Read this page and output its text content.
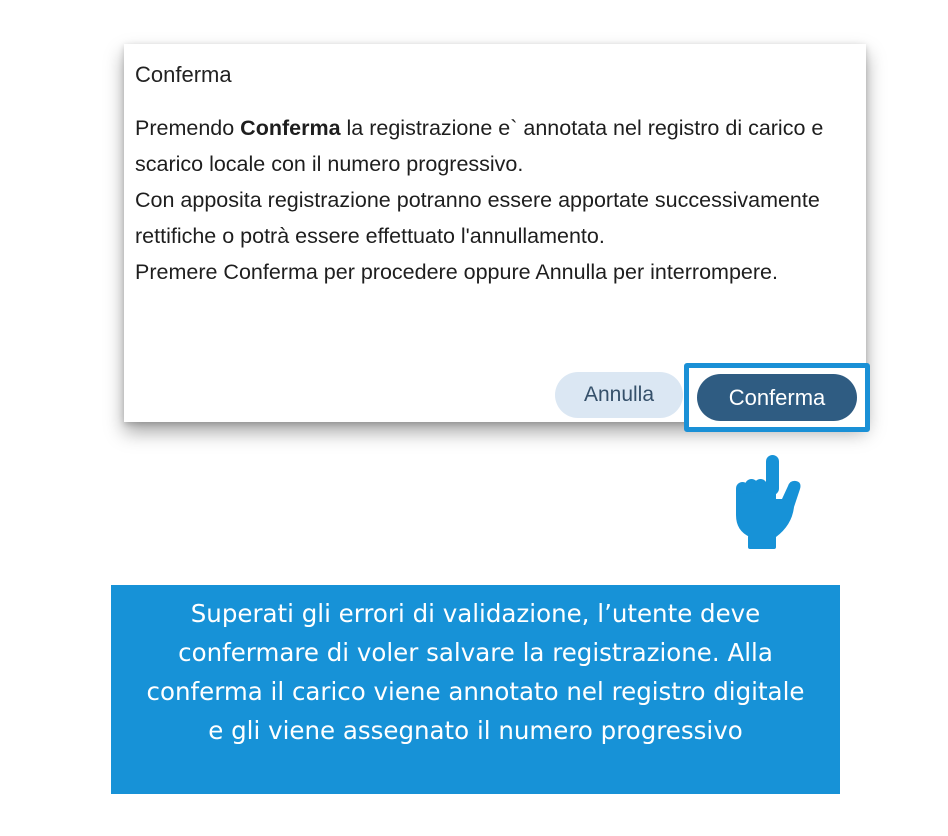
Conferma

Premendo Conferma la registrazione e` annotata nel registro di carico e scarico locale con il numero progressivo.

Con apposita registrazione potranno essere apportate successivamente rettifiche o potrà essere effettuato l'annullamento.

Premere Conferma per procedere oppure Annulla per interrompere.

Annulla	Conferma
Superati gli errori di validazione, l’utente deve confermare di voler salvare la registrazione. Alla conferma il carico viene annotato nel registro digitale e gli viene assegnato il numero progressivo
